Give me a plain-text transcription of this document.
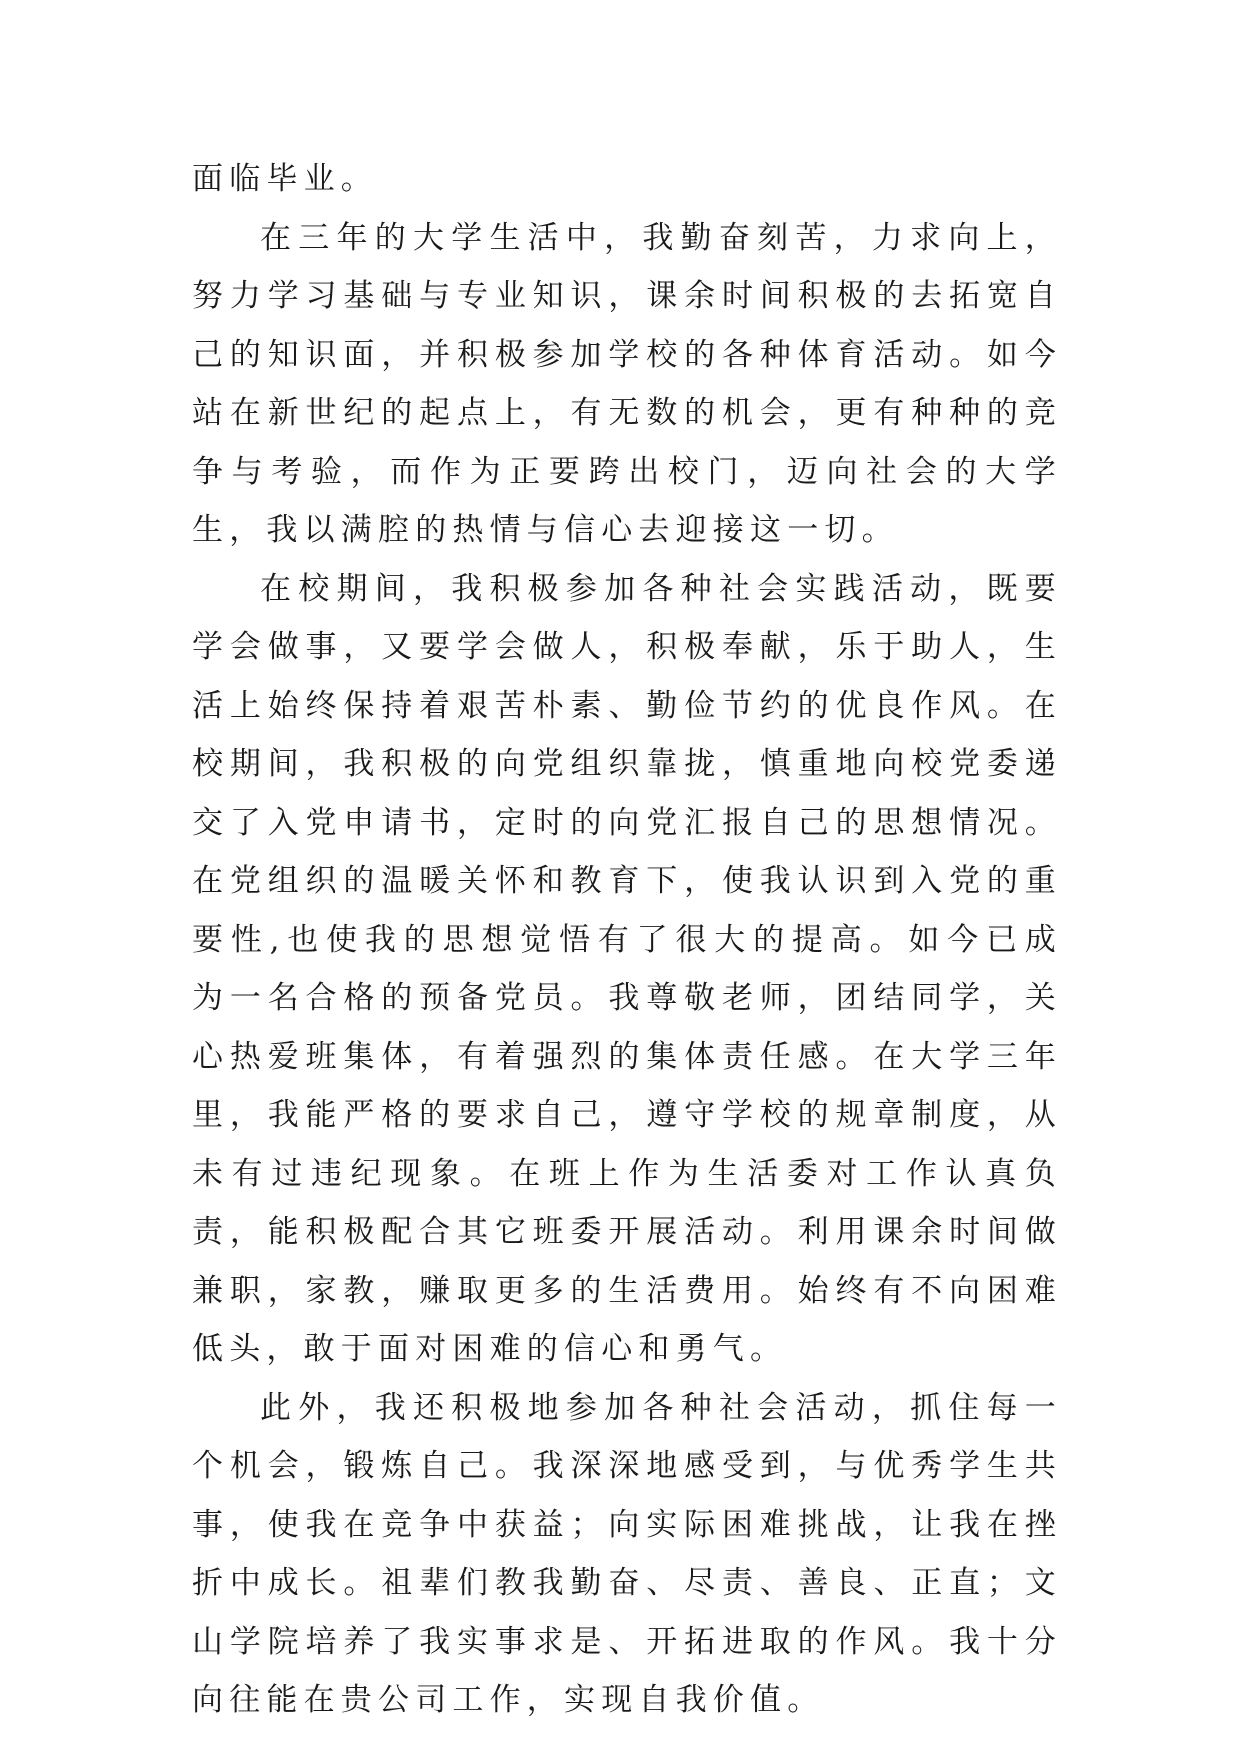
面临毕业。

在三年的大学生活中，我勤奋刻苦，力求向上，努力学习基础与专业知识，课余时间积极的去拓宽自己的知识面，并积极参加学校的各种体育活动。如今站在新世纪的起点上，有无数的机会，更有种种的竞争与考验，而作为正要跨出校门，迈向社会的大学生，我以满腔的热情与信心去迎接这一切。

在校期间，我积极参加各种社会实践活动，既要学会做事，又要学会做人，积极奉献，乐于助人，生活上始终保持着艰苦朴素、勤俭节约的优良作风。在校期间，我积极的向党组织靠拢，慎重地向校党委递交了入党申请书，定时的向党汇报自己的思想情况。在党组织的温暖关怀和教育下，使我认识到入党的重要性,也使我的思想觉悟有了很大的提高。如今已成为一名合格的预备党员。我尊敬老师，团结同学，关心热爱班集体，有着强烈的集体责任感。在大学三年里，我能严格的要求自己，遵守学校的规章制度，从未有过违纪现象。在班上作为生活委对工作认真负责，能积极配合其它班委开展活动。利用课余时间做兼职，家教，赚取更多的生活费用。始终有不向困难低头，敢于面对困难的信心和勇气。

此外，我还积极地参加各种社会活动，抓住每一个机会，锻炼自己。我深深地感受到，与优秀学生共事，使我在竞争中获益；向实际困难挑战，让我在挫折中成长。祖辈们教我勤奋、尽责、善良、正直；文山学院培养了我实事求是、开拓进取的作风。我十分向往能在贵公司工作，实现自我价值。
